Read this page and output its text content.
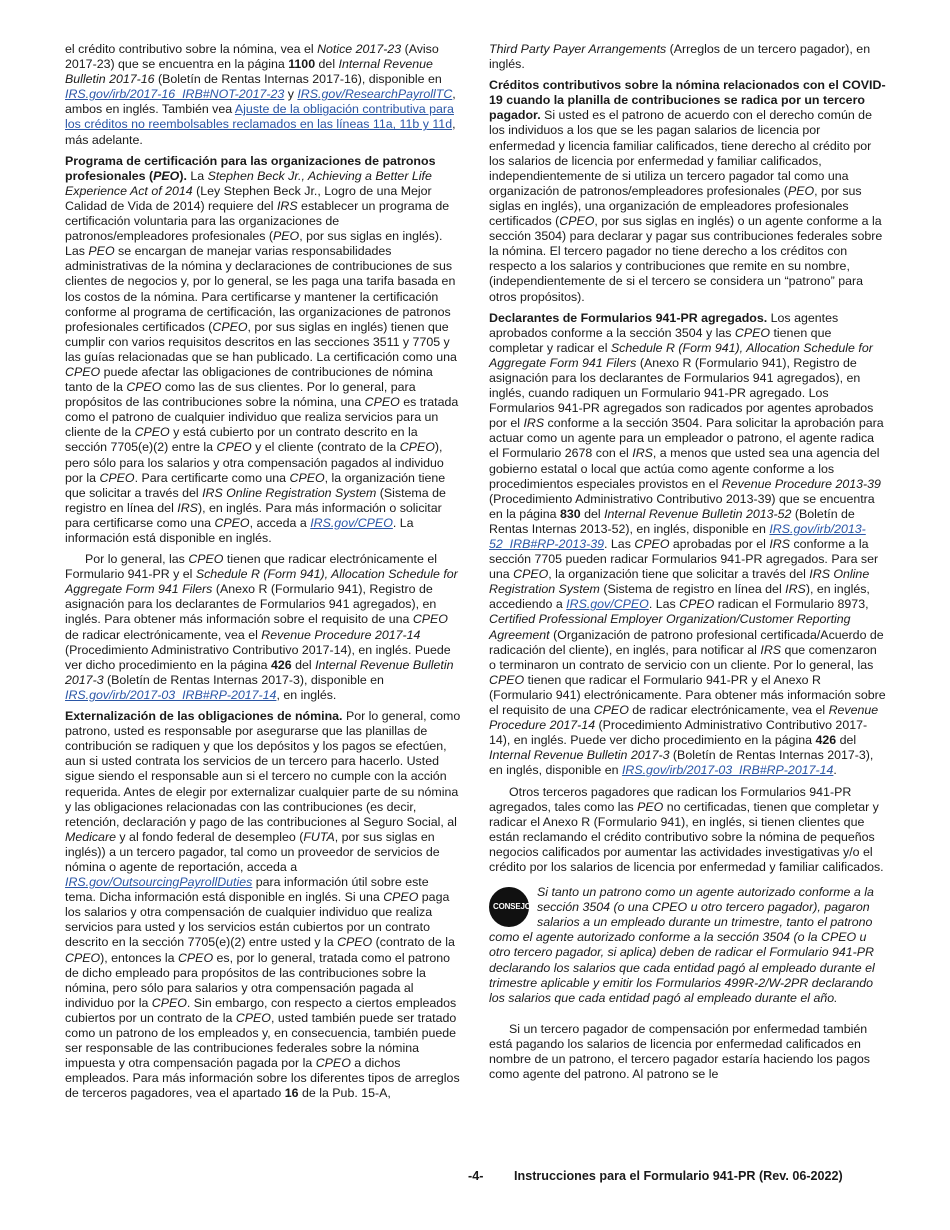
el crédito contributivo sobre la nómina, vea el Notice 2017-23 (Aviso 2017-23) que se encuentra en la página 1100 del Internal Revenue Bulletin 2017-16 (Boletín de Rentas Internas 2017-16), disponible en IRS.gov/irb/2017-16_IRB#NOT-2017-23 y IRS.gov/ResearchPayrollTC, ambos en inglés. También vea Ajuste de la obligación contributiva para los créditos no reembolsables reclamados en las líneas 11a, 11b y 11d, más adelante.

Programa de certificación para las organizaciones de patronos profesionales (PEO). La Stephen Beck Jr., Achieving a Better Life Experience Act of 2014 (Ley Stephen Beck Jr., Logro de una Mejor Calidad de Vida de 2014) requiere del IRS establecer un programa de certificación voluntaria para las organizaciones de patronos/empleadores profesionales (PEO, por sus siglas en inglés). Las PEO se encargan de manejar varias responsabilidades administrativas de la nómina y declaraciones de contribuciones de sus clientes de negocios y, por lo general, se les paga una tarifa basada en los costos de la nómina. Para certificarse y mantener la certificación conforme al programa de certificación, las organizaciones de patronos profesionales certificados (CPEO, por sus siglas en inglés) tienen que cumplir con varios requisitos descritos en las secciones 3511 y 7705 y las guías relacionadas que se han publicado. La certificación como una CPEO puede afectar las obligaciones de contribuciones de nómina tanto de la CPEO como las de sus clientes. Por lo general, para propósitos de las contribuciones sobre la nómina, una CPEO es tratada como el patrono de cualquier individuo que realiza servicios para un cliente de la CPEO y está cubierto por un contrato descrito en la sección 7705(e)(2) entre la CPEO y el cliente (contrato de la CPEO), pero sólo para los salarios y otra compensación pagados al individuo por la CPEO. Para certificarte como una CPEO, la organización tiene que solicitar a través del IRS Online Registration System (Sistema de registro en línea del IRS), en inglés. Para más información o solicitar para certificarse como una CPEO, acceda a IRS.gov/CPEO. La información está disponible en inglés.

Por lo general, las CPEO tienen que radicar electrónicamente el Formulario 941-PR y el Schedule R (Form 941), Allocation Schedule for Aggregate Form 941 Filers (Anexo R (Formulario 941), Registro de asignación para los declarantes de Formularios 941 agregados), en inglés. Para obtener más información sobre el requisito de una CPEO de radicar electrónicamente, vea el Revenue Procedure 2017-14 (Procedimiento Administrativo Contributivo 2017-14), en inglés. Puede ver dicho procedimiento en la página 426 del Internal Revenue Bulletin 2017-3 (Boletín de Rentas Internas 2017-3), disponible en IRS.gov/irb/2017-03_IRB#RP-2017-14, en inglés.

Externalización de las obligaciones de nómina. Por lo general, como patrono, usted es responsable por asegurarse que las planillas de contribución se radiquen y que los depósitos y los pagos se efectúen, aun si usted contrata los servicios de un tercero para hacerlo. Usted sigue siendo el responsable aun si el tercero no cumple con la acción requerida. Antes de elegir por externalizar cualquier parte de su nómina y las obligaciones relacionadas con las contribuciones (es decir, retención, declaración y pago de las contribuciones al Seguro Social, al Medicare y al fondo federal de desempleo (FUTA, por sus siglas en inglés)) a un tercero pagador, tal como un proveedor de servicios de nómina o agente de reportación, acceda a IRS.gov/OutsourcingPayrollDuties para información útil sobre este tema. Dicha información está disponible en inglés. Si una CPEO paga los salarios y otra compensación de cualquier individuo que realiza servicios para usted y los servicios están cubiertos por un contrato descrito en la sección 7705(e)(2) entre usted y la CPEO (contrato de la CPEO), entonces la CPEO es, por lo general, tratada como el patrono de dicho empleado para propósitos de las contribuciones sobre la nómina, pero sólo para salarios y otra compensación pagada al individuo por la CPEO. Sin embargo, con respecto a ciertos empleados cubiertos por un contrato de la CPEO, usted también puede ser tratado como un patrono de los empleados y, en consecuencia, también puede ser responsable de las contribuciones federales sobre la nómina impuesta y otra compensación pagada por la CPEO a dichos empleados. Para más información sobre los diferentes tipos de arreglos de terceros pagadores, vea el apartado 16 de la Pub. 15-A,

Third Party Payer Arrangements (Arreglos de un tercero pagador), en inglés.

Créditos contributivos sobre la nómina relacionados con el COVID-19 cuando la planilla de contribuciones se radica por un tercero pagador. Si usted es el patrono de acuerdo con el derecho común de los individuos a los que se les pagan salarios de licencia por enfermedad y licencia familiar calificados, tiene derecho al crédito por los salarios de licencia por enfermedad y familiar calificados, independientemente de si utiliza un tercero pagador tal como una organización de patronos/empleadores profesionales (PEO, por sus siglas en inglés), una organización de empleadores profesionales certificados (CPEO, por sus siglas en inglés) o un agente conforme a la sección 3504) para declarar y pagar sus contribuciones federales sobre la nómina. El tercero pagador no tiene derecho a los créditos con respecto a los salarios y contribuciones que remite en su nombre, (independientemente de si el tercero se considera un “patrono” para otros propósitos).

Declarantes de Formularios 941-PR agregados. Los agentes aprobados conforme a la sección 3504 y las CPEO tienen que completar y radicar el Schedule R (Form 941), Allocation Schedule for Aggregate Form 941 Filers (Anexo R (Formulario 941), Registro de asignación para los declarantes de Formularios 941 agregados), en inglés, cuando radiquen un Formulario 941-PR agregado. Los Formularios 941-PR agregados son radicados por agentes aprobados por el IRS conforme a la sección 3504. Para solicitar la aprobación para actuar como un agente para un empleador o patrono, el agente radica el Formulario 2678 con el IRS, a menos que usted sea una agencia del gobierno estatal o local que actúa como agente conforme a los procedimientos especiales provistos en el Revenue Procedure 2013-39 (Procedimiento Administrativo Contributivo 2013-39) que se encuentra en la página 830 del Internal Revenue Bulletin 2013-52 (Boletín de Rentas Internas 2013-52), en inglés, disponible en IRS.gov/irb/2013-52_IRB#RP-2013-39. Las CPEO aprobadas por el IRS conforme a la sección 7705 pueden radicar Formularios 941-PR agregados. Para ser una CPEO, la organización tiene que solicitar a través del IRS Online Registration System (Sistema de registro en línea del IRS), en inglés, accediendo a IRS.gov/CPEO. Las CPEO radican el Formulario 8973, Certified Professional Employer Organization/Customer Reporting Agreement (Organización de patrono profesional certificada/Acuerdo de radicación del cliente), en inglés, para notificar al IRS que comenzaron o terminaron un contrato de servicio con un cliente. Por lo general, las CPEO tienen que radicar el Formulario 941-PR y el Anexo R (Formulario 941) electrónicamente. Para obtener más información sobre el requisito de una CPEO de radicar electrónicamente, vea el Revenue Procedure 2017-14 (Procedimiento Administrativo Contributivo 2017-14), en inglés. Puede ver dicho procedimiento en la página 426 del Internal Revenue Bulletin 2017-3 (Boletín de Rentas Internas 2017-3), en inglés, disponible en IRS.gov/irb/2017-03_IRB#RP-2017-14.

Otros terceros pagadores que radican los Formularios 941-PR agregados, tales como las PEO no certificadas, tienen que completar y radicar el Anexo R (Formulario 941), en inglés, si tienen clientes que están reclamando el crédito contributivo sobre la nómina de pequeños negocios calificados por aumentar las actividades investigativas y/o el crédito por los salarios de licencia por enfermedad y familiar calificados.

CONSEJO
Si tanto un patrono como un agente autorizado conforme a la sección 3504 (o una CPEO u otro tercero pagador), pagaron salarios a un empleado durante un trimestre, tanto el patrono como el agente autorizado conforme a la sección 3504 (o la CPEO u otro tercero pagador, si aplica) deben de radicar el Formulario 941-PR declarando los salarios que cada entidad pagó al empleado durante el trimestre aplicable y emitir los Formularios 499R-2/W-2PR declarando los salarios que cada entidad pagó al empleado durante el año.

Si un tercero pagador de compensación por enfermedad también está pagando los salarios de licencia por enfermedad calificados en nombre de un patrono, el tercero pagador estaría haciendo los pagos como agente del patrono. Al patrono se le

-4- Instrucciones para el Formulario 941-PR (Rev. 06-2022)
